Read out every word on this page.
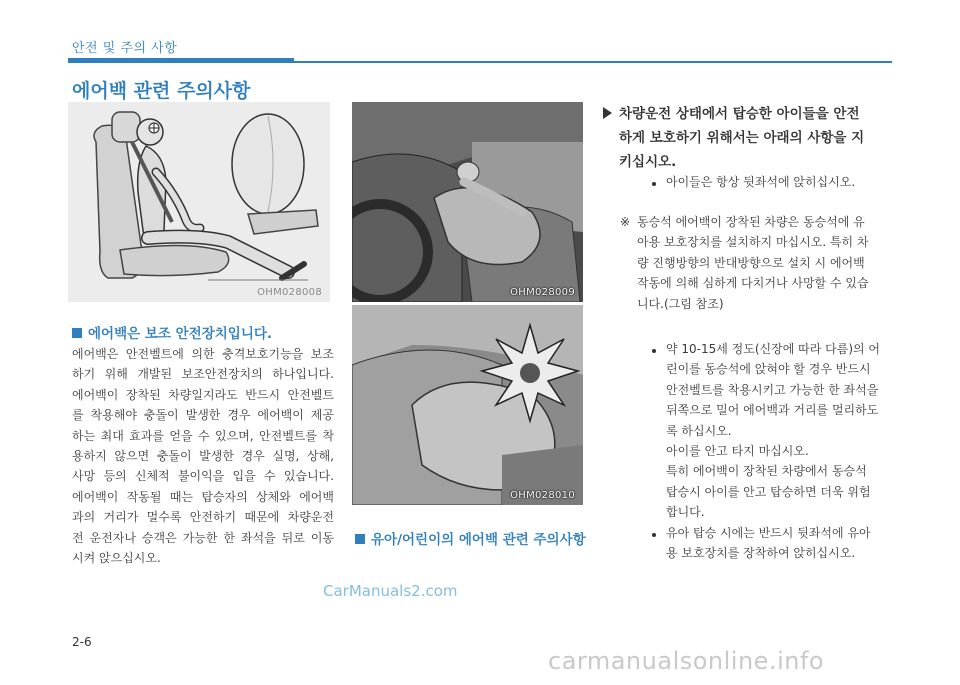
안전 및 주의 사항
에어백 관련 주의사항
OHM028008	OHM028009
OHM028010
에어백은 보조 안전장치입니다.
에어백은 안전벨트에 의한 충격보호기능을 보조
하기 위해 개발된 보조안전장치의 하나입니다.
에어백이 장착된 차량일지라도 반드시 안전벨트
를 착용해야 충돌이 발생한 경우 에어백이 제공
하는 최대 효과를 얻을 수 있으며, 안전벨트를 착
용하지 않으면 충돌이 발생한 경우 실명, 상해,
사망 등의 신체적 불이익을 입을 수 있습니다.
에어백이 작동될 때는 탑승자의 상체와 에어백
과의 거리가 멀수록 안전하기 때문에 차량운전
전 운전자나 승객은 가능한 한 좌석을 뒤로 이동
시켜 앉으십시오.
유아/어린이의 에어백 관련 주의사항
차량운전 상태에서 탑승한 아이들을 안전
하게 보호하기 위해서는 아래의 사항을 지
키십시오.
아이들은 항상 뒷좌석에 앉히십시오.
※ 동승석 에어백이 장착된 차량은 동승석에 유
아용 보호장치를 설치하지 마십시오. 특히 차
량 진행방향의 반대방향으로 설치 시 에어백
작동에 의해 심하게 다치거나 사망할 수 있습
니다.(그림 참조)
약 10-15세 정도(신장에 따라 다름)의 어
린이를 동승석에 앉혀야 할 경우 반드시
안전벨트를 착용시키고 가능한 한 좌석을
뒤쪽으로 밀어 에어백과 거리를 멀리하도
록 하십시오.
아이를 안고 타지 마십시오.
특히 에어백이 장착된 차량에서 동승석
탑승시 아이를 안고 탑승하면 더욱 위험
합니다.
유아 탑승 시에는 반드시 뒷좌석에 유아
용 보호장치를 장착하여 앉히십시오.
CarManuals2.com
2-6
carmanualsonline.info
